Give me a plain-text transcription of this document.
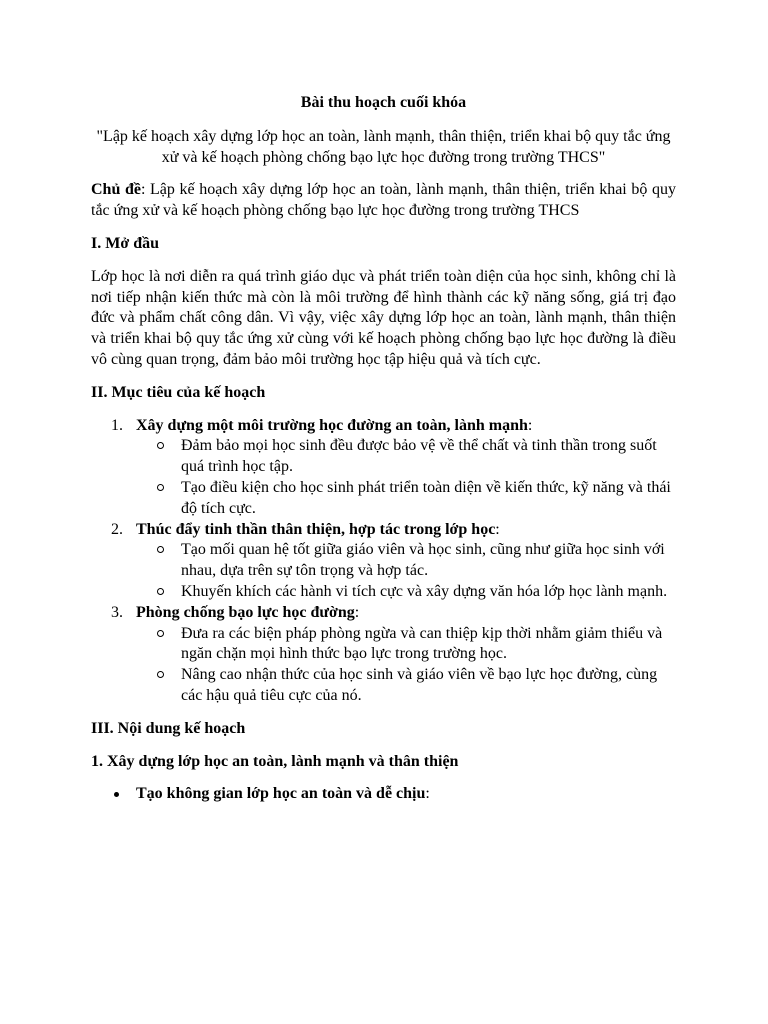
Bài thu hoạch cuối khóa
"Lập kế hoạch xây dựng lớp học an toàn, lành mạnh, thân thiện, triển khai bộ quy tắc ứng xử và kế hoạch phòng chống bạo lực học đường trong trường THCS"
Chủ đề: Lập kế hoạch xây dựng lớp học an toàn, lành mạnh, thân thiện, triển khai bộ quy tắc ứng xử và kế hoạch phòng chống bạo lực học đường trong trường THCS
I. Mở đầu
Lớp học là nơi diễn ra quá trình giáo dục và phát triển toàn diện của học sinh, không chỉ là nơi tiếp nhận kiến thức mà còn là môi trường để hình thành các kỹ năng sống, giá trị đạo đức và phẩm chất công dân. Vì vậy, việc xây dựng lớp học an toàn, lành mạnh, thân thiện và triển khai bộ quy tắc ứng xử cùng với kế hoạch phòng chống bạo lực học đường là điều vô cùng quan trọng, đảm bảo môi trường học tập hiệu quả và tích cực.
II. Mục tiêu của kế hoạch
1. Xây dựng một môi trường học đường an toàn, lành mạnh:
Đảm bảo mọi học sinh đều được bảo vệ về thể chất và tinh thần trong suốt quá trình học tập.
Tạo điều kiện cho học sinh phát triển toàn diện về kiến thức, kỹ năng và thái độ tích cực.
2. Thúc đẩy tinh thần thân thiện, hợp tác trong lớp học:
Tạo mối quan hệ tốt giữa giáo viên và học sinh, cũng như giữa học sinh với nhau, dựa trên sự tôn trọng và hợp tác.
Khuyến khích các hành vi tích cực và xây dựng văn hóa lớp học lành mạnh.
3. Phòng chống bạo lực học đường:
Đưa ra các biện pháp phòng ngừa và can thiệp kịp thời nhằm giảm thiểu và ngăn chặn mọi hình thức bạo lực trong trường học.
Nâng cao nhận thức của học sinh và giáo viên về bạo lực học đường, cùng các hậu quả tiêu cực của nó.
III. Nội dung kế hoạch
1. Xây dựng lớp học an toàn, lành mạnh và thân thiện
Tạo không gian lớp học an toàn và dễ chịu:
